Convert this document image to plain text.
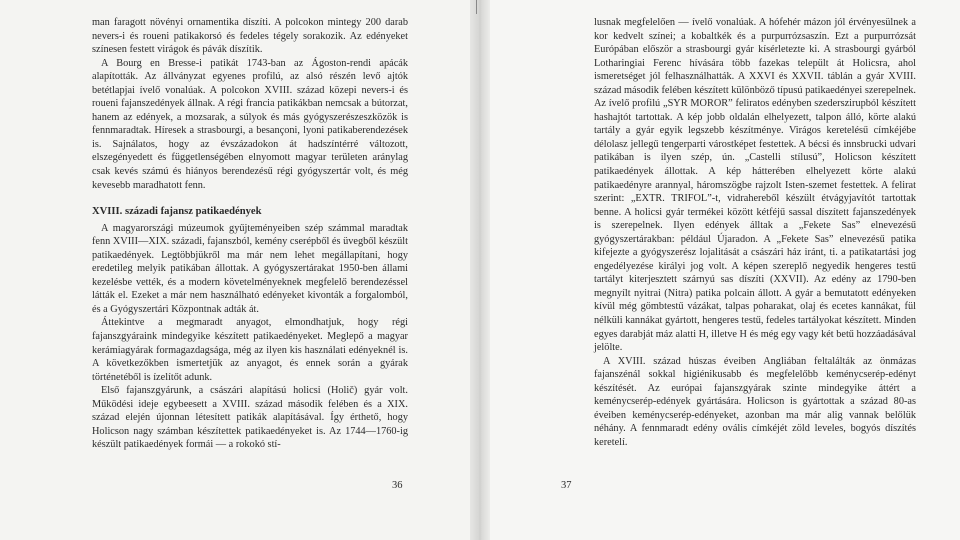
man faragott növényi ornamentika díszíti. A polcokon mintegy 200 darab nevers-i és roueni patikakorsó és fedeles tégely sorakozik. Az edényeket színesen festett virágok és pávák díszítik.

A Bourg en Bresse-i patikát 1743-ban az Ágoston-rendi apácák alapították. Az állványzat egyenes profilú, az alsó részén levő ajtók betétlapjai ívelő vonalúak. A polcokon XVIII. század közepi nevers-i és roueni fajanszedények állnak. A régi francia patikákban nemcsak a bútorzat, hanem az edények, a mozsarak, a súlyok és más gyógyszerészeszközök is fennmaradtak. Híresek a strasbourgi, a besançoni, lyoni patikaberendezések is. Sajnálatos, hogy az évszázadokon át hadszíntérré változott, elszegényedett és függetlenségében elnyomott magyar területen aránylag csak kevés számú és hiányos berendezésű régi gyógyszertár volt, és még kevesebb maradhatott fenn.

XVIII. századi fajansz patikaedények

A magyarországi múzeumok gyűjteményeiben szép számmal maradtak fenn XVIII—XIX. századi, fajanszból, kemény cserépből és üvegből készült patikaedények. Legtöbbjükről ma már nem lehet megállapítani, hogy eredetileg melyik patikában állottak. A gyógyszertárakat 1950-ben állami kezelésbe vették, és a modern követelményeknek megfelelő berendezéssel látták el. Ezeket a már nem használható edényeket kivonták a forgalomból, és a Gyógyszertári Központnak adták át.

Áttekintve a megmaradt anyagot, elmondhatjuk, hogy régi fajanszgyáraink mindegyike készített patikaedényeket. Meglepő a magyar kerámiagyárak formagazdagsága, még az ilyen kis használati edényeknél is. A következőkben ismertetjük az anyagot, és ennek során a gyárak történetéből is ízelítőt adunk.

Első fajanszgyárunk, a császári alapítású holicsi (Holič) gyár volt. Működési ideje egybeesett a XVIII. század második felében és a XIX. század elején újonnan létesített patikák alapításával. Így érthető, hogy Holicson nagy számban készítettek patikaedényeket is. Az 1744—1760-ig készült patikaedények formái — a rokokó stí-

lusnak megfelelően — ívelő vonalúak. A hófehér mázon jól érvényesülnek a kor kedvelt színei; a kobaltkék és a purpurrózsaszín. Ezt a purpurrózsát Európában először a strasbourgi gyár kísérletezte ki. A strasbourgi gyárból Lotharingiai Ferenc hívására több fazekas települt át Holicsra, ahol ismeretséget jól felhasználhatták. A XXVI és XXVII. táblán a gyár XVIII. század második felében készített különböző típusú patikaedényei szerepelnek. Az ívelő profilú „SYR MOROR” feliratos edényben szederszirupból készített hashajtót tartottak. A kép jobb oldalán elhelyezett, talpon álló, körte alakú tartály a gyár egyik legszebb készítménye. Virágos keretelésű címkéjébe délolasz jellegű tengerparti várostképet festettek. A bécsi és innsbrucki udvari patikában is ilyen szép, ún. „Castelli stílusú”, Holicson készített patikaedények állottak. A kép hátterében elhelyezett körte alakú patikaedényre arannyal, háromszögbe rajzolt Isten-szemet festettek. A felirat szerint: „EXTR. TRIFOL”-t, vidrahereből készült étvágyjavítót tartottak benne. A holicsi gyár termékei között kétféjű sassal díszített fajanszedények is szerepelnek. Ilyen edények álltak a „Fekete Sas” elnevezésű gyógyszertárakban: például Újaradon. A „Fekete Sas” elnevezésű patika kifejezte a gyógyszerész lojalitását a császári ház iránt, ti. a patikatartási jog engedélyezése királyi jog volt. A képen szereplő negyedik hengeres testű tartályt kiterjesztett szárnyú sas díszíti (XXVII). Az edény az 1790-ben megnyílt nyitrai (Nitra) patika polcain állott. A gyár a bemutatott edényeken kívül még gömbtestű vázákat, talpas poharakat, olaj és ecetes kannákat, fül nélküli kannákat gyártott, hengeres testű, fedeles tartályokat készített. Minden egyes darabját máz alatti H, illetve H és még egy vagy két betű hozzáadásával jelölte.

A XVIII. század húszas éveiben Angliában feltalálták az önmázas fajanszénál sokkal higiénikusabb és megfelelőbb keménycserép-edényt készítését. Az európai fajanszgyárak szinte mindegyike áttért a keménycserép-edények gyártására. Holicson is gyártottak a század 80-as éveiben keménycserép-edényeket, azonban ma már alig vannak belőlük néhány. A fennmaradt edény ovális címkéjét zöld leveles, bogyós díszítés keretelí.

36	37
